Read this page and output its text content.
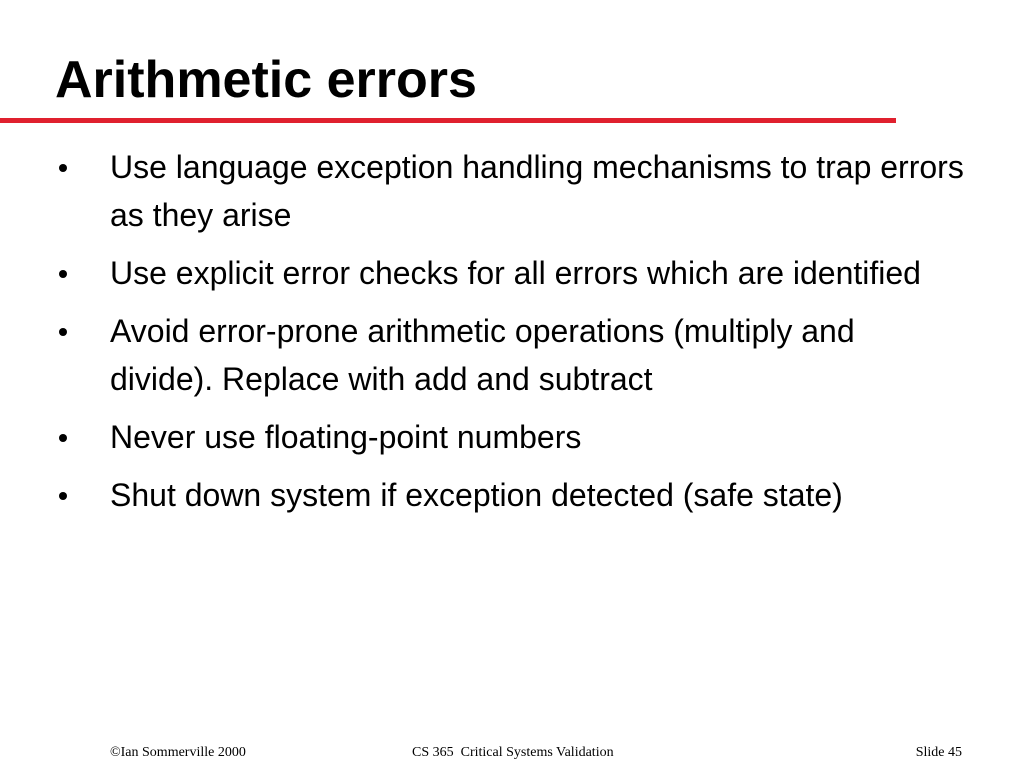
Arithmetic errors
Use language exception handling mechanisms to trap errors as they arise
Use explicit error checks for all errors which are identified
Avoid error-prone arithmetic operations (multiply and divide). Replace with add and subtract
Never use floating-point numbers
Shut down system if exception detected (safe state)
©Ian Sommerville 2000	CS 365  Critical Systems Validation	Slide 45
